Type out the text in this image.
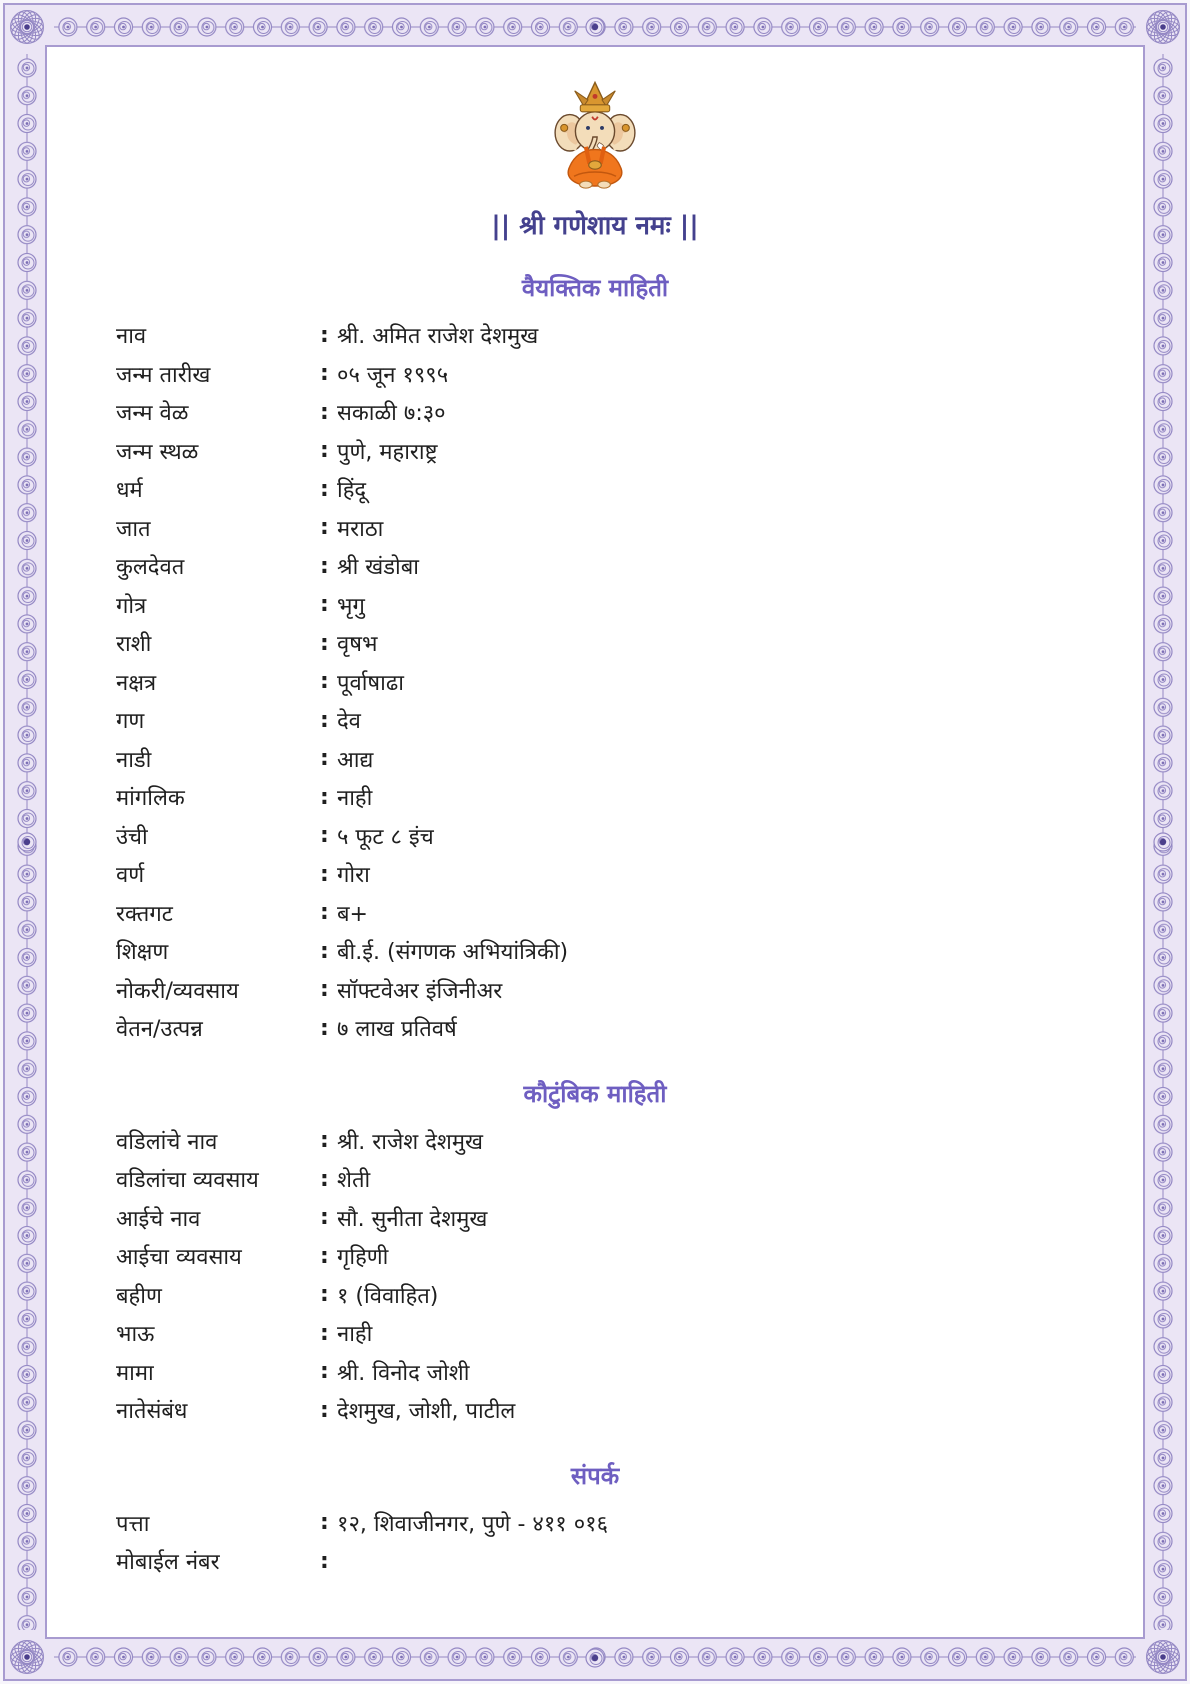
|| श्री गणेशाय नमः ||
वैयक्तिक माहिती
नाव	: श्री. अमित राजेश देशमुख
जन्म तारीख	: ०५ जून १९९५
जन्म वेळ	: सकाळी ७:३०
जन्म स्थळ	: पुणे, महाराष्ट्र
धर्म	: हिंदू
जात	: मराठा
कुलदेवत	: श्री खंडोबा
गोत्र	: भृगु
राशी	: वृषभ
नक्षत्र	: पूर्वाषाढा
गण	: देव
नाडी	: आद्य
मांगलिक	: नाही
उंची	: ५ फूट ८ इंच
वर्ण	: गोरा
रक्तगट	: ब+
शिक्षण	: बी.ई. (संगणक अभियांत्रिकी)
नोकरी/व्यवसाय	: सॉफ्टवेअर इंजिनीअर
वेतन/उत्पन्न	: ७ लाख प्रतिवर्ष
कौटुंबिक माहिती
वडिलांचे नाव	: श्री. राजेश देशमुख
वडिलांचा व्यवसाय	: शेती
आईचे नाव	: सौ. सुनीता देशमुख
आईचा व्यवसाय	: गृहिणी
बहीण	: १ (विवाहित)
भाऊ	: नाही
मामा	: श्री. विनोद जोशी
नातेसंबंध	: देशमुख, जोशी, पाटील
संपर्क
पत्ता	: १२, शिवाजीनगर, पुणे - ४११ ०१६
मोबाईल नंबर	:
